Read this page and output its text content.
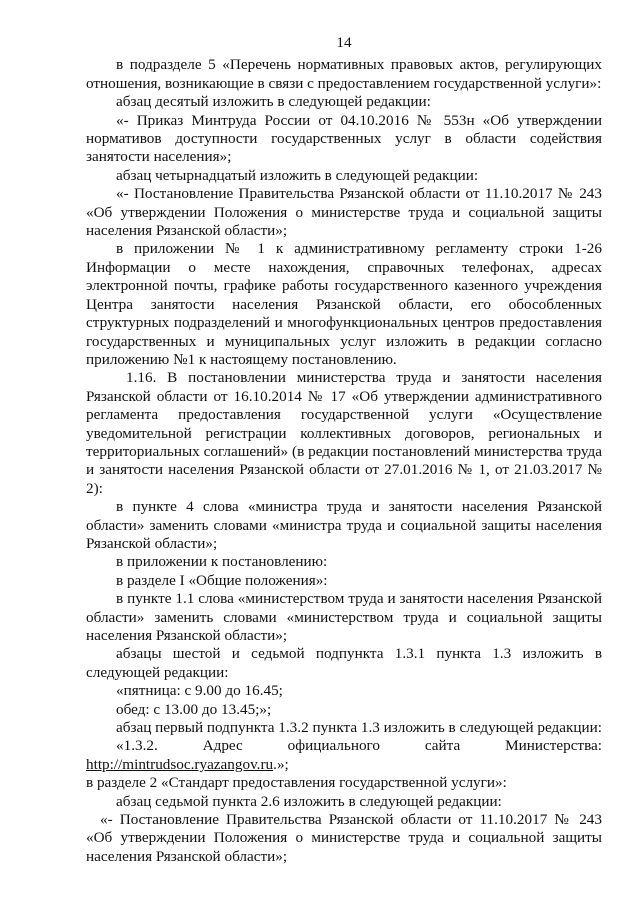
14

в подразделе 5 «Перечень нормативных правовых актов, регулирующих отношения, возникающие в связи с предоставлением государственной услуги»:

абзац десятый изложить в следующей редакции:

«- Приказ Минтруда России от 04.10.2016 № 553н «Об утверждении нормативов доступности государственных услуг в области содействия занятости населения»;

абзац четырнадцатый изложить в следующей редакции:

«- Постановление Правительства Рязанской области от 11.10.2017 № 243 «Об утверждении Положения о министерстве труда и социальной защиты населения Рязанской области»;

в приложении № 1 к административному регламенту строки 1-26 Информации о месте нахождения, справочных телефонах, адресах электронной почты, графике работы государственного казенного учреждения Центра занятости населения Рязанской области, его обособленных структурных подразделений и многофункциональных центров предоставления государственных и муниципальных услуг изложить в редакции согласно приложению №1 к настоящему постановлению.

1.16. В постановлении министерства труда и занятости населения Рязанской области от 16.10.2014 № 17 «Об утверждении административного регламента предоставления государственной услуги «Осуществление уведомительной регистрации коллективных договоров, региональных и территориальных соглашений» (в редакции постановлений министерства труда и занятости населения Рязанской области от 27.01.2016 № 1, от 21.03.2017 № 2):

в пункте 4 слова «министра труда и занятости населения Рязанской области» заменить словами «министра труда и социальной защиты населения Рязанской области»;

в приложении к постановлению:

в разделе I «Общие положения»:

в пункте 1.1 слова «министерством труда и занятости населения Рязанской области» заменить словами «министерством труда и социальной защиты населения Рязанской области»;

абзацы шестой и седьмой подпункта 1.3.1 пункта 1.3 изложить в следующей редакции:

«пятница: с 9.00 до 16.45;

обед: с 13.00 до 13.45;»;

абзац первый подпункта 1.3.2 пункта 1.3 изложить в следующей редакции:

«1.3.2. Адрес официального сайта Министерства: http://mintrudsoc.ryazangov.ru.»;

в разделе 2 «Стандарт предоставления государственной услуги»:

абзац седьмой пункта 2.6 изложить в следующей редакции:

«- Постановление Правительства Рязанской области от 11.10.2017 № 243 «Об утверждении Положения о министерстве труда и социальной защиты населения Рязанской области»;
